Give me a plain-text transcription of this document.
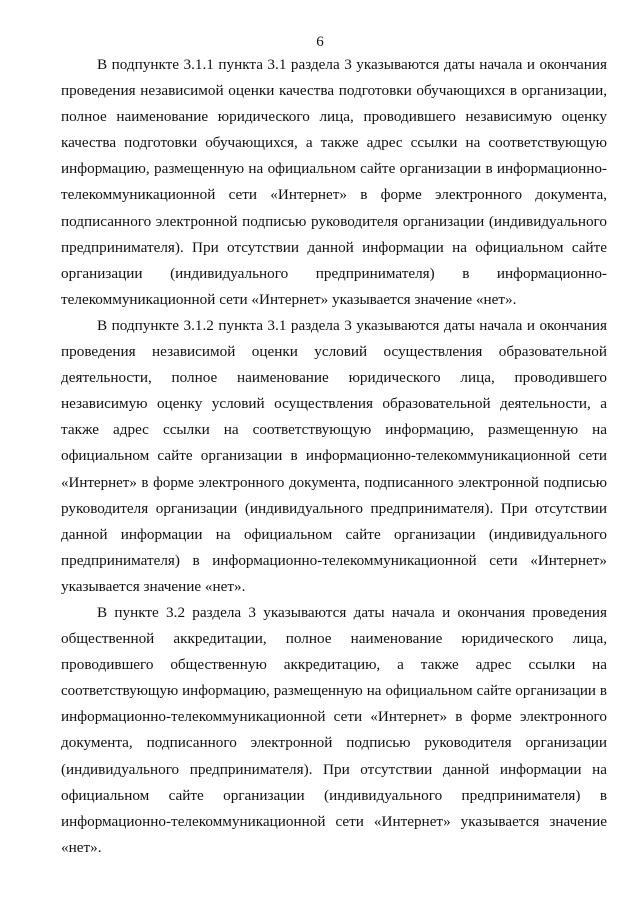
6
В подпункте 3.1.1 пункта 3.1 раздела 3 указываются даты начала и окончания
проведения независимой оценки качества подготовки обучающихся в организации,
полное наименование юридического лица, проводившего независимую оценку
качества подготовки обучающихся, а также адрес ссылки на соответствующую
информацию, размещенную на официальном сайте организации в информационно-
телекоммуникационной сети «Интернет» в форме электронного документа,
подписанного электронной подписью руководителя организации (индивидуального
предпринимателя). При отсутствии данной информации на официальном сайте
организации (индивидуального предпринимателя) в информационно-
телекоммуникационной сети «Интернет» указывается значение «нет».
В подпункте 3.1.2 пункта 3.1 раздела 3 указываются даты начала и окончания
проведения независимой оценки условий осуществления образовательной
деятельности, полное наименование юридического лица, проводившего
независимую оценку условий осуществления образовательной деятельности, а
также адрес ссылки на соответствующую информацию, размещенную на
официальном сайте организации в информационно-телекоммуникационной сети
«Интернет» в форме электронного документа, подписанного электронной подписью
руководителя организации (индивидуального предпринимателя). При отсутствии
данной информации на официальном сайте организации (индивидуального
предпринимателя) в информационно-телекоммуникационной сети «Интернет»
указывается значение «нет».
В пункте 3.2 раздела 3 указываются даты начала и окончания проведения
общественной аккредитации, полное наименование юридического лица,
проводившего общественную аккредитацию, а также адрес ссылки на
соответствующую информацию, размещенную на официальном сайте организации в
информационно-телекоммуникационной сети «Интернет» в форме электронного
документа, подписанного электронной подписью руководителя организации
(индивидуального предпринимателя). При отсутствии данной информации на
официальном сайте организации (индивидуального предпринимателя) в
информационно-телекоммуникационной сети «Интернет» указывается значение
«нет».
